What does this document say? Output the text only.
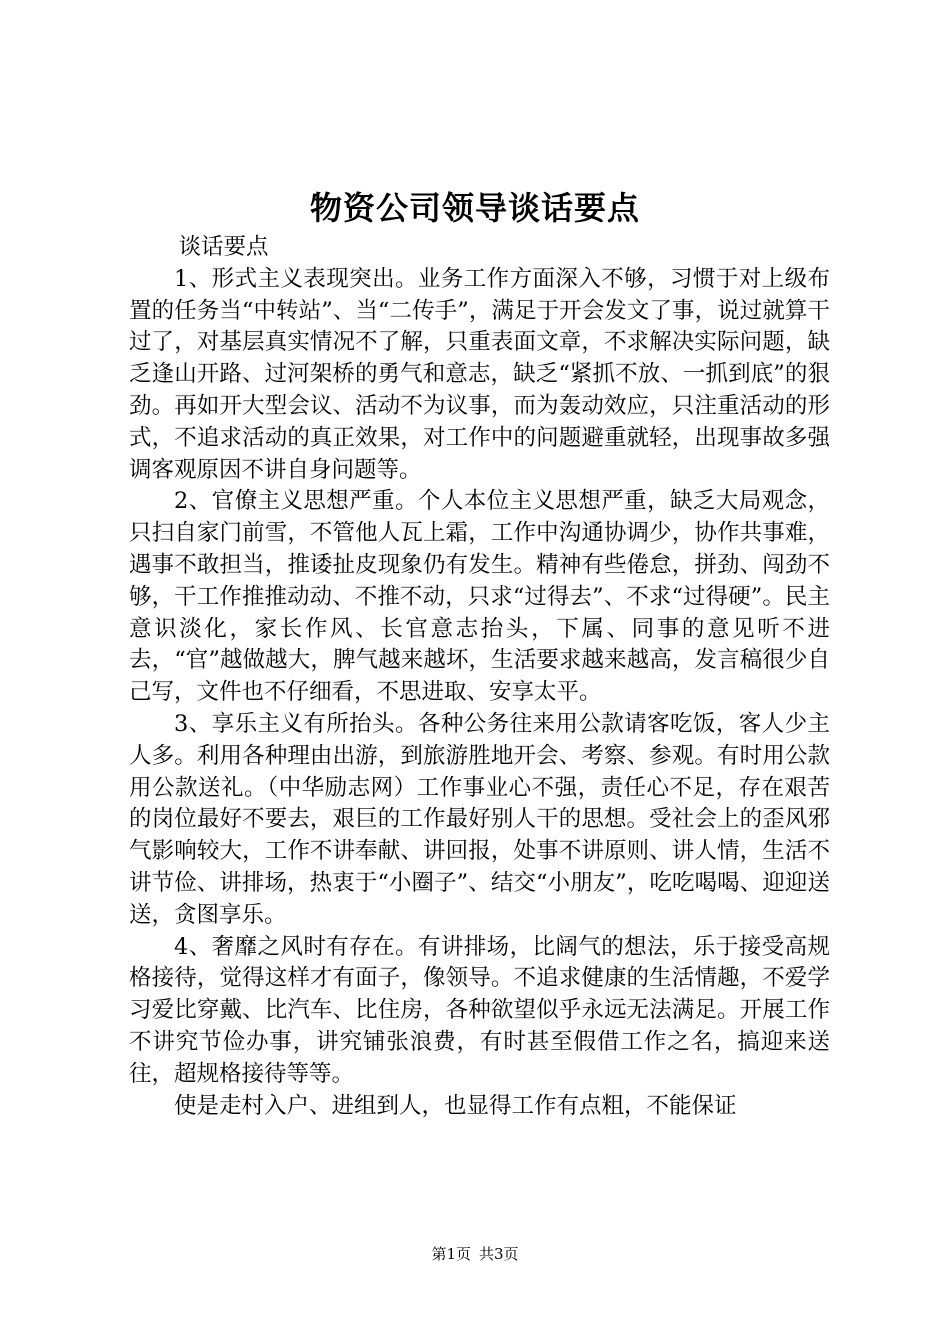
物资公司领导谈话要点

谈话要点

1、形式主义表现突出。业务工作方面深入不够，习惯于对上级布置的任务当“中转站”、当“二传手”，满足于开会发文了事，说过就算干过了，对基层真实情况不了解，只重表面文章，不求解决实际问题，缺乏逢山开路、过河架桥的勇气和意志，缺乏“紧抓不放、一抓到底”的狠劲。再如开大型会议、活动不为议事，而为轰动效应，只注重活动的形式，不追求活动的真正效果，对工作中的问题避重就轻，出现事故多强调客观原因不讲自身问题等。

2、官僚主义思想严重。个人本位主义思想严重，缺乏大局观念，只扫自家门前雪，不管他人瓦上霜，工作中沟通协调少，协作共事难，遇事不敢担当，推诿扯皮现象仍有发生。精神有些倦怠，拼劲、闯劲不够，干工作推推动动、不推不动，只求“过得去”、不求“过得硬”。民主意识淡化，家长作风、长官意志抬头，下属、同事的意见听不进去，“官”越做越大，脾气越来越坏，生活要求越来越高，发言稿很少自己写，文件也不仔细看，不思进取、安享太平。

3、享乐主义有所抬头。各种公务往来用公款请客吃饭，客人少主人多。利用各种理由出游，到旅游胜地开会、考察、参观。有时用公款用公款送礼。（中华励志网）工作事业心不强，责任心不足，存在艰苦的岗位最好不要去，艰巨的工作最好别人干的思想。受社会上的歪风邪气影响较大，工作不讲奉献、讲回报，处事不讲原则、讲人情，生活不讲节俭、讲排场，热衷于“小圈子”、结交“小朋友”，吃吃喝喝、迎迎送送，贪图享乐。

4、奢靡之风时有存在。有讲排场，比阔气的想法，乐于接受高规格接待，觉得这样才有面子，像领导。不追求健康的生活情趣，不爱学习爱比穿戴、比汽车、比住房，各种欲望似乎永远无法满足。开展工作不讲究节俭办事，讲究铺张浪费，有时甚至假借工作之名，搞迎来送往，超规格接待等等。

使是走村入户、进组到人，也显得工作有点粗，不能保证

第1页 共3页
